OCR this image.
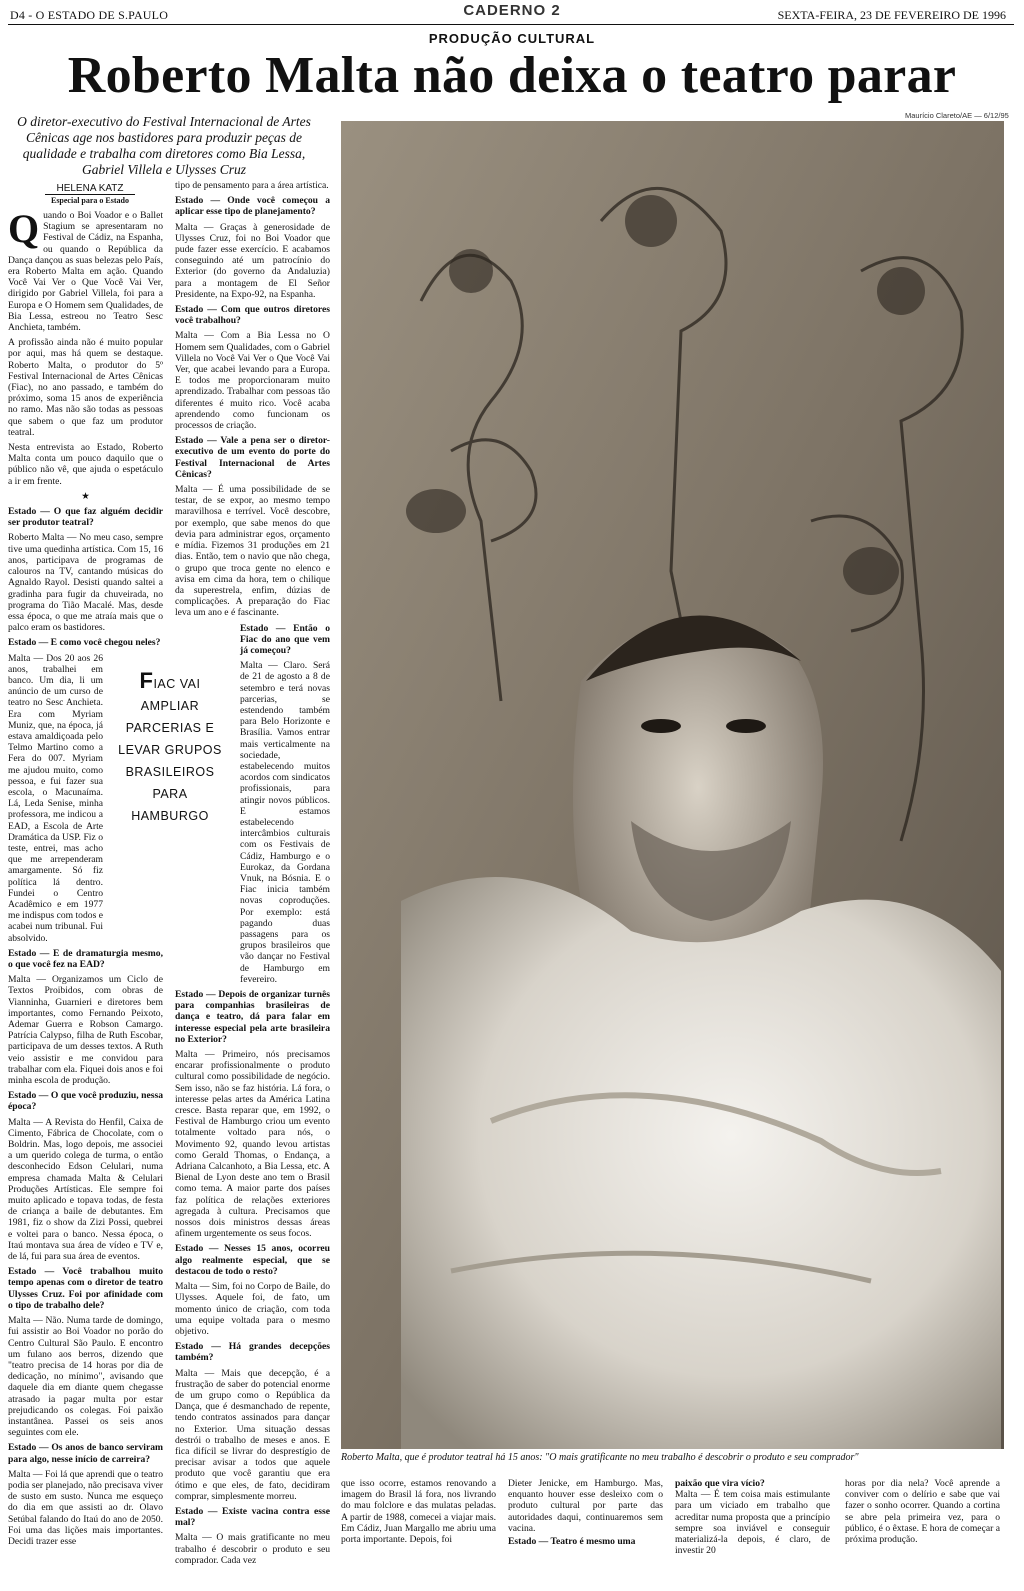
D4 - O ESTADO DE S.PAULO	CADERNO 2	SEXTA-FEIRA, 23 DE FEVEREIRO DE 1996
PRODUÇÃO CULTURAL
Roberto Malta não deixa o teatro parar
O diretor-executivo do Festival Internacional de Artes Cênicas age nos bastidores para produzir peças de qualidade e trabalha com diretores como Bia Lessa, Gabriel Villela e Ulysses Cruz
HELENA KATZ
Especial para o Estado

Quando o Boi Voador e o Ballet Stagium se apresentaram no Festival de Cádiz, na Espanha, ou quando o República da Dança dançou as suas belezas pelo País, era Roberto Malta em ação. Quando Você Vai Ver o Que Você Vai Ver, dirigido por Gabriel Villela, foi para a Europa e O Homem sem Qualidades, de Bia Lessa, estreou no Teatro Sesc Anchieta, também.

A profissão ainda não é muito popular por aqui, mas há quem se destaque. Roberto Malta, o produtor do 5º Festival Internacional de Artes Cênicas (Fiac), no ano passado, e também do próximo, soma 15 anos de experiência no ramo. Mas não são todas as pessoas que sabem o que faz um produtor teatral.

Nesta entrevista ao Estado, Roberto Malta conta um pouco daquilo que o público não vê, que ajuda o espetáculo a ir em frente.

★

Estado — O que faz alguém decidir ser produtor teatral?

Roberto Malta — No meu caso, sempre tive uma quedinha artística. Com 15, 16 anos, participava de programas de calouros na TV, cantando músicas do Agnaldo Rayol. Desisti quando saltei a gradinha para fugir da chuveirada, no programa do Tião Macalé. Mas, desde essa época, o que me atraía mais que o palco eram os bastidores.

Estado — E como você chegou neles?

Malta — Dos 20 aos 26 anos, trabalhei em banco. Um dia, li um anúncio de um curso de teatro no Sesc Anchieta. Era com Myriam Muniz, que, na época, já estava amaldiçoada pelo Telmo Martino como a Fera do 007. Myriam me ajudou muito, como pessoa, e fui fazer sua escola, o Macunaíma. Lá, Leda Senise, minha professora, me indicou a EAD, a Escola de Arte Dramática da USP. Fiz o teste, entrei, mas acho que me arrependeram amargamente. Só fiz política lá dentro. Fundei o Centro Acadêmico e em 1977 me indispus com todos e acabei num tribunal. Fui absolvido.

Estado — E de dramaturgia mesmo, o que você fez na EAD?

Malta — Organizamos um Ciclo de Textos Proibidos, com obras de Vianninha, Guarnieri e diretores bem importantes, como Fernando Peixoto, Ademar Guerra e Robson Camargo. Patrícia Calypso, filha de Ruth Escobar, participava de um desses textos. A Ruth veio assistir e me convidou para trabalhar com ela. Fiquei dois anos e foi minha escola de produção.

Estado — O que você produziu, nessa época?

Malta — A Revista do Henfil, Caixa de Cimento, Fábrica de Chocolate, com o Boldrin. Mas, logo depois, me associei a um querido colega de turma, o então desconhecido Edson Celulari, numa empresa chamada Malta & Celulari Produções Artísticas. Ele sempre foi muito aplicado e topava todas, de festa de criança a baile de debutantes. Em 1981, fiz o show da Zizi Possi, quebrei e voltei para o banco. Nessa época, o Itaú montava sua área de vídeo e TV e, de lá, fui para sua área de eventos.

Estado — Você trabalhou muito tempo apenas com o diretor de teatro Ulysses Cruz. Foi por afinidade com o tipo de trabalho dele?

Malta — Não. Numa tarde de domingo, fui assistir ao Boi Voador no porão do Centro Cultural São Paulo. E encontro um fulano aos berros, dizendo que "teatro precisa de 14 horas por dia de dedicação, no mínimo", avisando que daquele dia em diante quem chegasse atrasado ia pagar multa por estar prejudicando os colegas. Foi paixão instantânea. Passei os seis anos seguintes com ele.

Estado — Os anos de banco serviram para algo, nesse início de carreira?

Malta — Foi lá que aprendi que o teatro podia ser planejado, não precisava viver de susto em susto. Nunca me esqueço do dia em que assisti ao dr. Olavo Setúbal falando do Itaú do ano de 2050. Foi uma das lições mais importantes. Decidi trazer esse

tipo de pensamento para a área artística.

Estado — Onde você começou a aplicar esse tipo de planejamento?

Malta — Graças à generosidade de Ulysses Cruz, foi no Boi Voador que pude fazer esse exercício. E acabamos conseguindo até um patrocínio do Exterior (do governo da Andaluzia) para a montagem de El Señor Presidente, na Expo-92, na Espanha.

Estado — Com que outros diretores você trabalhou?

Malta — Com a Bia Lessa no O Homem sem Qualidades, com o Gabriel Villela no Você Vai Ver o Que Você Vai Ver, que acabei levando para a Europa. E todos me proporcionaram muito aprendizado. Trabalhar com pessoas tão diferentes é muito rico. Você acaba aprendendo como funcionam os processos de criação.

Estado — Vale a pena ser o diretor-executivo de um evento do porte do Festival Internacional de Artes Cênicas?

Malta — É uma possibilidade de se testar, de se expor, ao mesmo tempo maravilhosa e terrível. Você descobre, por exemplo, que sabe menos do que devia para administrar egos, orçamento e mídia. Fizemos 31 produções em 21 dias. Então, tem o navio que não chega, o grupo que troca gente no elenco e avisa em cima da hora, tem o chilique da superestrela, enfim, dúzias de complicações. A preparação do Fiac leva um ano e é fascinante.

Estado — Então o Fiac do ano que vem já começou?

Malta — Claro. Será de 21 de agosto a 8 de setembro e terá novas parcerias, se estendendo também para Belo Horizonte e Brasília. Vamos entrar mais verticalmente na sociedade, estabelecendo muitos acordos com sindicatos profissionais, para atingir novos públicos. E estamos estabelecendo intercâmbios culturais com os Festivais de Cádiz, Hamburgo e o Eurokaz, da Gordana Vnuk, na Bósnia. E o Fiac inicia também novas coproduções. Por exemplo: está pagando duas passagens para os grupos brasileiros que vão dançar no Festival de Hamburgo em fevereiro.

Estado — Depois de organizar turnês para companhias brasileiras de dança e teatro, dá para falar em interesse especial pela arte brasileira no Exterior?

Malta — Primeiro, nós precisamos encarar profissionalmente o produto cultural como possibilidade de negócio. Sem isso, não se faz história. Lá fora, o interesse pelas artes da América Latina cresce. Basta reparar que, em 1992, o Festival de Hamburgo criou um evento totalmente voltado para nós, o Movimento 92, quando levou artistas como Gerald Thomas, o Endança, a Adriana Calcanhoto, a Bia Lessa, etc. A Bienal de Lyon deste ano tem o Brasil como tema. A maior parte dos países faz política de relações exteriores agregada à cultura. Precisamos que nossos dois ministros dessas áreas afinem urgentemente os seus focos.

Estado — Nesses 15 anos, ocorreu algo realmente especial, que se destacou de todo o resto?

Malta — Sim, foi no Corpo de Baile, do Ulysses. Aquele foi, de fato, um momento único de criação, com toda uma equipe voltada para o mesmo objetivo.

Estado — Há grandes decepções também?

Malta — Mais que decepção, é a frustração de saber do potencial enorme de um grupo como o República da Dança, que é desmanchado de repente, tendo contratos assinados para dançar no Exterior. Uma situação dessas destrói o trabalho de meses e anos. E fica difícil se livrar do desprestígio de precisar avisar a todos que aquele produto que você garantiu que era ótimo e que eles, de fato, decidiram comprar, simplesmente morreu.

Estado — Existe vacina contra esse mal?

Malta — O mais gratificante no meu trabalho é descobrir o produto e seu comprador. Cada vez

FIAC VAI
AMPLIAR
PARCERIAS E
LEVAR GRUPOS
BRASILEIROS
PARA
HAMBURGO
Maurício Clareto/AE — 6/12/95
Roberto Malta, que é produtor teatral há 15 anos: "O mais gratificante no meu trabalho é descobrir o produto e seu comprador"

que isso ocorre, estamos renovando a imagem do Brasil lá fora, nos livrando do mau folclore e das mulatas peladas. A partir de 1988, comecei a viajar mais. Em Cádiz, Juan Margallo me abriu uma porta importante. Depois, foi

Dieter Jenicke, em Hamburgo. Mas, enquanto houver esse desleixo com o produto cultural por parte das autoridades daqui, continuaremos sem vacina.

Estado — Teatro é mesmo uma

paixão que vira vício?

Malta — É tem coisa mais estimulante para um viciado em trabalho que acreditar numa proposta que a princípio sempre soa inviável e conseguir materializá-la depois, é claro, de investir 20

horas por dia nela? Você aprende a conviver com o delírio e sabe que vai fazer o sonho ocorrer. Quando a cortina se abre pela primeira vez, para o público, é o êxtase. E hora de começar a próxima produção.
